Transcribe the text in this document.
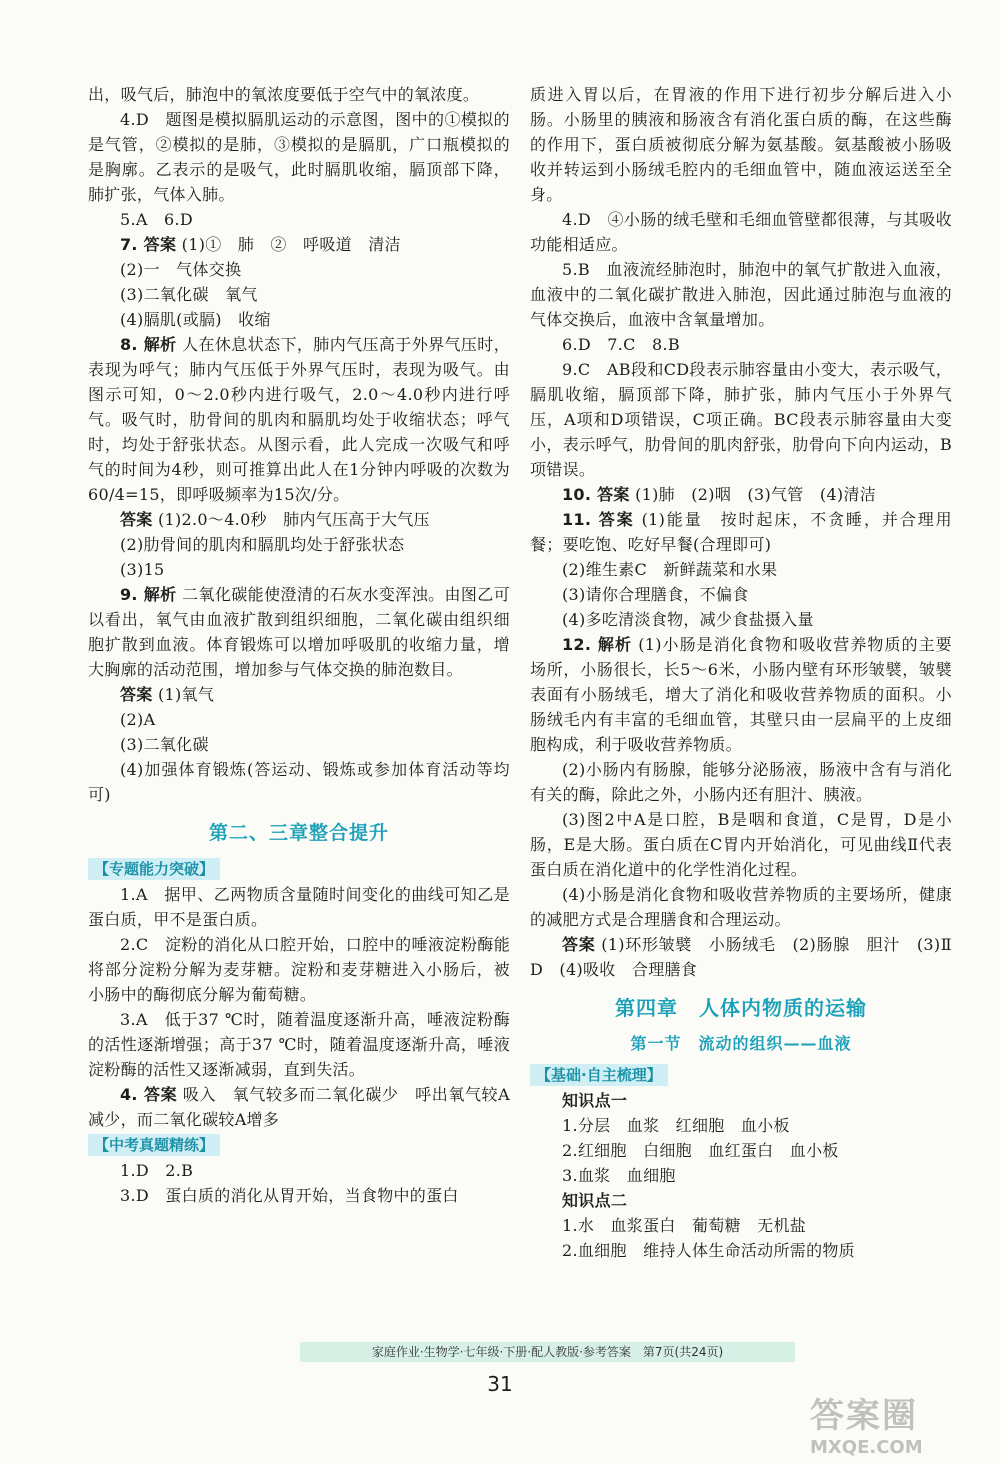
出，吸气后，肺泡中的氧浓度要低于空气中的氧浓度。

4.D　题图是模拟膈肌运动的示意图，图中的①模拟的是气管，②模拟的是肺，③模拟的是膈肌，广口瓶模拟的是胸廓。乙表示的是吸气，此时膈肌收缩，膈顶部下降，肺扩张，气体入肺。

5.A　6.D

7. 答案 (1)①　肺　②　呼吸道　清洁

(2)一　气体交换

(3)二氧化碳　氧气

(4)膈肌(或膈)　收缩

8. 解析 人在休息状态下，肺内气压高于外界气压时，表现为呼气；肺内气压低于外界气压时，表现为吸气。由图示可知，0～2.0秒内进行吸气，2.0～4.0秒内进行呼气。吸气时，肋骨间的肌肉和膈肌均处于收缩状态；呼气时，均处于舒张状态。从图示看，此人完成一次吸气和呼气的时间为4秒，则可推算出此人在1分钟内呼吸的次数为60/4=15，即呼吸频率为15次/分。

答案 (1)2.0～4.0秒　肺内气压高于大气压

(2)肋骨间的肌肉和膈肌均处于舒张状态

(3)15

9. 解析 二氧化碳能使澄清的石灰水变浑浊。由图乙可以看出，氧气由血液扩散到组织细胞，二氧化碳由组织细胞扩散到血液。体育锻炼可以增加呼吸肌的收缩力量，增大胸廓的活动范围，增加参与气体交换的肺泡数目。

答案 (1)氧气

(2)A

(3)二氧化碳

(4)加强体育锻炼(答运动、锻炼或参加体育活动等均可)

第二、三章整合提升
【专题能力突破】

1.A　据甲、乙两物质含量随时间变化的曲线可知乙是蛋白质，甲不是蛋白质。

2.C　淀粉的消化从口腔开始，口腔中的唾液淀粉酶能将部分淀粉分解为麦芽糖。淀粉和麦芽糖进入小肠后，被小肠中的酶彻底分解为葡萄糖。

3.A　低于37 ℃时，随着温度逐渐升高，唾液淀粉酶的活性逐渐增强；高于37 ℃时，随着温度逐渐升高，唾液淀粉酶的活性又逐渐减弱，直到失活。

4. 答案 吸入　氧气较多而二氧化碳少　呼出氧气较A减少，而二氧化碳较A增多

【中考真题精练】

1.D　2.B

3.D　蛋白质的消化从胃开始，当食物中的蛋白

质进入胃以后，在胃液的作用下进行初步分解后进入小肠。小肠里的胰液和肠液含有消化蛋白质的酶，在这些酶的作用下，蛋白质被彻底分解为氨基酸。氨基酸被小肠吸收并转运到小肠绒毛腔内的毛细血管中，随血液运送至全身。

4.D　④小肠的绒毛壁和毛细血管壁都很薄，与其吸收功能相适应。

5.B　血液流经肺泡时，肺泡中的氧气扩散进入血液，血液中的二氧化碳扩散进入肺泡，因此通过肺泡与血液的气体交换后，血液中含氧量增加。

6.D　7.C　8.B

9.C　AB段和CD段表示肺容量由小变大，表示吸气，膈肌收缩，膈顶部下降，肺扩张，肺内气压小于外界气压，A项和D项错误，C项正确。BC段表示肺容量由大变小，表示呼气，肋骨间的肌肉舒张，肋骨向下向内运动，B项错误。

10. 答案 (1)肺　(2)咽　(3)气管　(4)清洁

11. 答案 (1)能量　按时起床，不贪睡，并合理用餐；要吃饱、吃好早餐(合理即可)

(2)维生素C　新鲜蔬菜和水果

(3)请你合理膳食，不偏食

(4)多吃清淡食物，减少食盐摄入量

12. 解析 (1)小肠是消化食物和吸收营养物质的主要场所，小肠很长，长5～6米，小肠内壁有环形皱襞，皱襞表面有小肠绒毛，增大了消化和吸收营养物质的面积。小肠绒毛内有丰富的毛细血管，其壁只由一层扁平的上皮细胞构成，利于吸收营养物质。

(2)小肠内有肠腺，能够分泌肠液，肠液中含有与消化有关的酶，除此之外，小肠内还有胆汁、胰液。

(3)图2中A是口腔，B是咽和食道，C是胃，D是小肠，E是大肠。蛋白质在C胃内开始消化，可见曲线Ⅱ代表蛋白质在消化道中的化学性消化过程。

(4)小肠是消化食物和吸收营养物质的主要场所，健康的减肥方式是合理膳食和合理运动。

答案 (1)环形皱襞　小肠绒毛　(2)肠腺　胆汁　(3)Ⅱ　D　(4)吸收　合理膳食

第四章　人体内物质的运输
第一节　流动的组织——血液
【基础·自主梳理】

知识点一

1.分层　血浆　红细胞　血小板

2.红细胞　白细胞　血红蛋白　血小板

3.血浆　血细胞

知识点二

1.水　血浆蛋白　葡萄糖　无机盐

2.血细胞　维持人体生命活动所需的物质

家庭作业·生物学·七年级·下册·配人教版·参考答案　第7页(共24页)
31
答案圈
MXQE.COM
